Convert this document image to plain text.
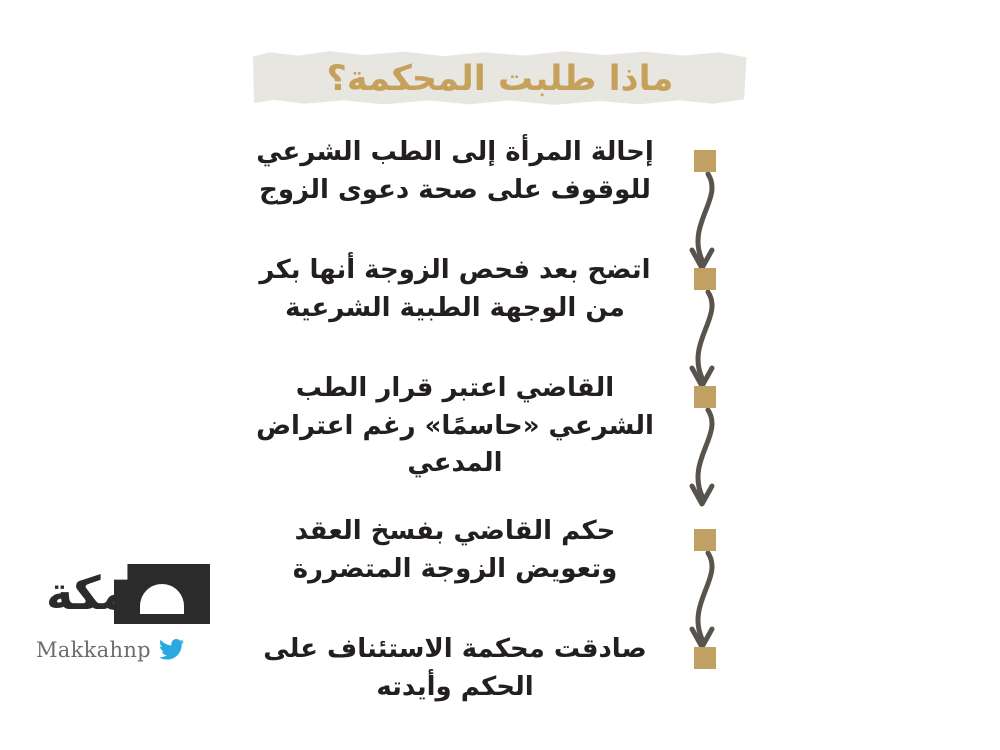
ماذا طلبت المحكمة؟
إحالة المرأة إلى الطب الشرعي للوقوف على صحة دعوى الزوج
اتضح بعد فحص الزوجة أنها بكر من الوجهة الطبية الشرعية
القاضي اعتبر قرار الطب الشرعي «حاسمًا» رغم اعتراض المدعي
حكم القاضي بفسخ العقد وتعويض الزوجة المتضررة
صادقت محكمة الاستئناف على الحكم وأيدته
مكة
Makkahnp
